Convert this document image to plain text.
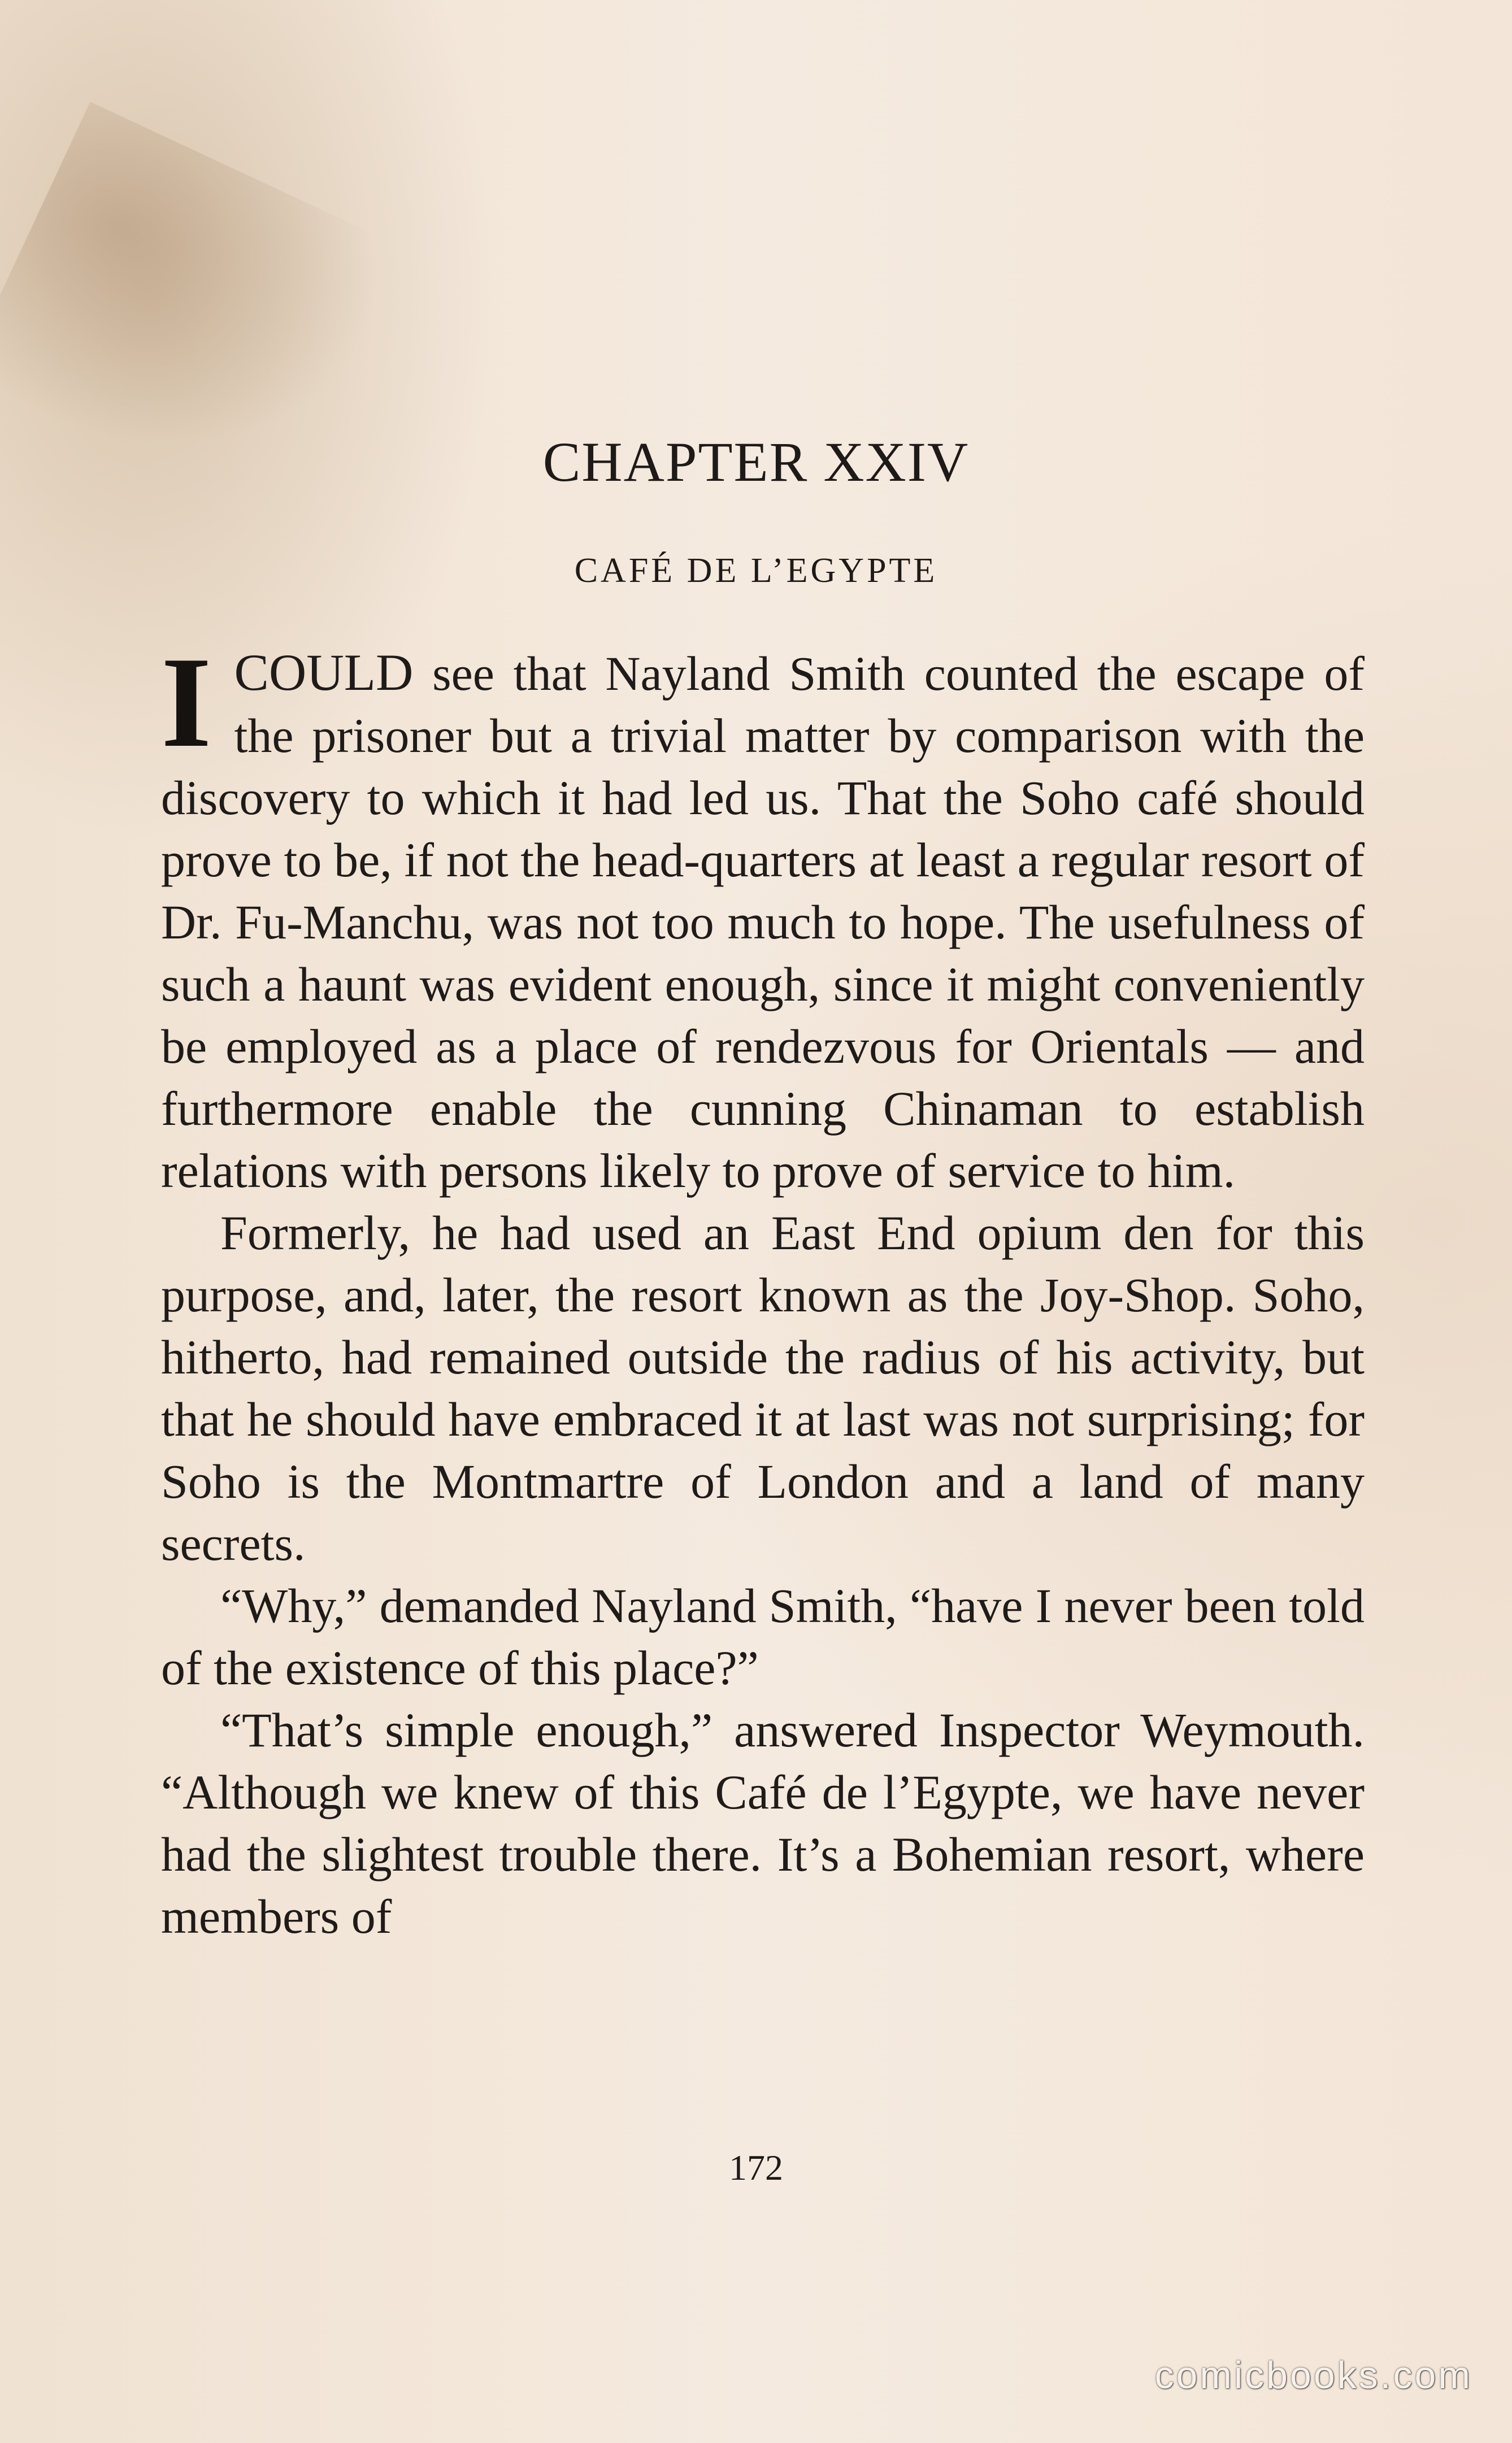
CHAPTER XXIV
CAFÉ DE L’EGYPTE

ICOULD see that Nayland Smith counted the escape of the prisoner but a trivial matter by comparison with the discovery to which it had led us. That the Soho café should prove to be, if not the head-quarters at least a regular resort of Dr. Fu-Manchu, was not too much to hope. The usefulness of such a haunt was evident enough, since it might conveniently be employed as a place of rendezvous for Orientals — and furthermore enable the cunning Chinaman to establish relations with persons likely to prove of service to him.

Formerly, he had used an East End opium den for this purpose, and, later, the resort known as the Joy-Shop. Soho, hitherto, had remained outside the radius of his activity, but that he should have embraced it at last was not surprising; for Soho is the Montmartre of London and a land of many secrets.

“Why,” demanded Nayland Smith, “have I never been told of the existence of this place?”

“That’s simple enough,” answered Inspector Weymouth. “Although we knew of this Café de l’Egypte, we have never had the slightest trouble there. It’s a Bohemian resort, where members of

172
comicbooks.com
